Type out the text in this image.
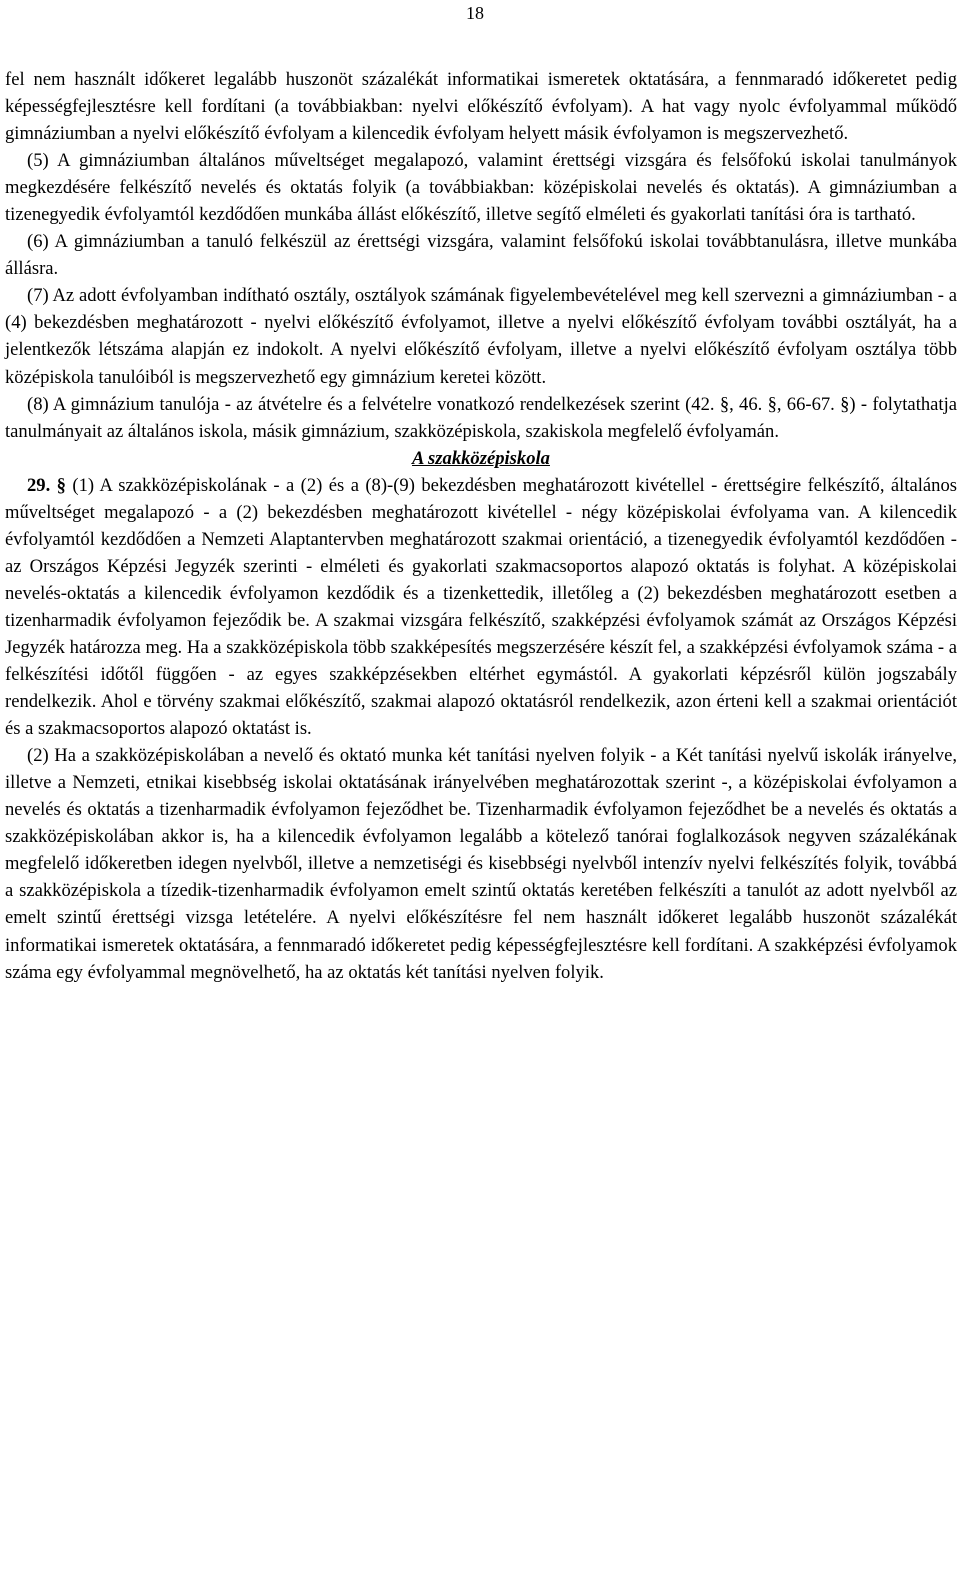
18

fel nem használt időkeret legalább huszonöt százalékát informatikai ismeretek oktatására, a fennmaradó időkeretet pedig képességfejlesztésre kell fordítani (a továbbiakban: nyelvi előkészítő évfolyam). A hat vagy nyolc évfolyammal működő gimnáziumban a nyelvi előkészítő évfolyam a kilencedik évfolyam helyett másik évfolyamon is megszervezhető.

(5) A gimnáziumban általános műveltséget megalapozó, valamint érettségi vizsgára és felsőfokú iskolai tanulmányok megkezdésére felkészítő nevelés és oktatás folyik (a továbbiakban: középiskolai nevelés és oktatás). A gimnáziumban a tizenegyedik évfolyamtól kezdődően munkába állást előkészítő, illetve segítő elméleti és gyakorlati tanítási óra is tartható.

(6) A gimnáziumban a tanuló felkészül az érettségi vizsgára, valamint felsőfokú iskolai továbbtanulásra, illetve munkába állásra.

(7) Az adott évfolyamban indítható osztály, osztályok számának figyelembevételével meg kell szervezni a gimnáziumban - a (4) bekezdésben meghatározott - nyelvi előkészítő évfolyamot, illetve a nyelvi előkészítő évfolyam további osztályát, ha a jelentkezők létszáma alapján ez indokolt. A nyelvi előkészítő évfolyam, illetve a nyelvi előkészítő évfolyam osztálya több középiskola tanulóiból is megszervezhető egy gimnázium keretei között.

(8) A gimnázium tanulója - az átvételre és a felvételre vonatkozó rendelkezések szerint (42. §, 46. §, 66-67. §) - folytathatja tanulmányait az általános iskola, másik gimnázium, szakközépiskola, szakiskola megfelelő évfolyamán.

A szakközépiskola

29. § (1) A szakközépiskolának - a (2) és a (8)-(9) bekezdésben meghatározott kivétellel - érettségire felkészítő, általános műveltséget megalapozó - a (2) bekezdésben meghatározott kivétellel - négy középiskolai évfolyama van. A kilencedik évfolyamtól kezdődően a Nemzeti Alaptantervben meghatározott szakmai orientáció, a tizenegyedik évfolyamtól kezdődően - az Országos Képzési Jegyzék szerinti - elméleti és gyakorlati szakmacsoportos alapozó oktatás is folyhat. A középiskolai nevelés-oktatás a kilencedik évfolyamon kezdődik és a tizenkettedik, illetőleg a (2) bekezdésben meghatározott esetben a tizenharmadik évfolyamon fejeződik be. A szakmai vizsgára felkészítő, szakképzési évfolyamok számát az Országos Képzési Jegyzék határozza meg. Ha a szakközépiskola több szakképesítés megszerzésére készít fel, a szakképzési évfolyamok száma - a felkészítési időtől függően - az egyes szakképzésekben eltérhet egymástól. A gyakorlati képzésről külön jogszabály rendelkezik. Ahol e törvény szakmai előkészítő, szakmai alapozó oktatásról rendelkezik, azon érteni kell a szakmai orientációt és a szakmacsoportos alapozó oktatást is.

(2) Ha a szakközépiskolában a nevelő és oktató munka két tanítási nyelven folyik - a Két tanítási nyelvű iskolák irányelve, illetve a Nemzeti, etnikai kisebbség iskolai oktatásának irányelvében meghatározottak szerint -, a középiskolai évfolyamon a nevelés és oktatás a tizenharmadik évfolyamon fejeződhet be. Tizenharmadik évfolyamon fejeződhet be a nevelés és oktatás a szakközépiskolában akkor is, ha a kilencedik évfolyamon legalább a kötelező tanórai foglalkozások negyven százalékának megfelelő időkeretben idegen nyelvből, illetve a nemzetiségi és kisebbségi nyelvből intenzív nyelvi felkészítés folyik, továbbá a szakközépiskola a tízedik-tizenharmadik évfolyamon emelt szintű oktatás keretében felkészíti a tanulót az adott nyelvből az emelt szintű érettségi vizsga letételére. A nyelvi előkészítésre fel nem használt időkeret legalább huszonöt százalékát informatikai ismeretek oktatására, a fennmaradó időkeretet pedig képességfejlesztésre kell fordítani. A szakképzési évfolyamok száma egy évfolyammal megnövelhető, ha az oktatás két tanítási nyelven folyik.
